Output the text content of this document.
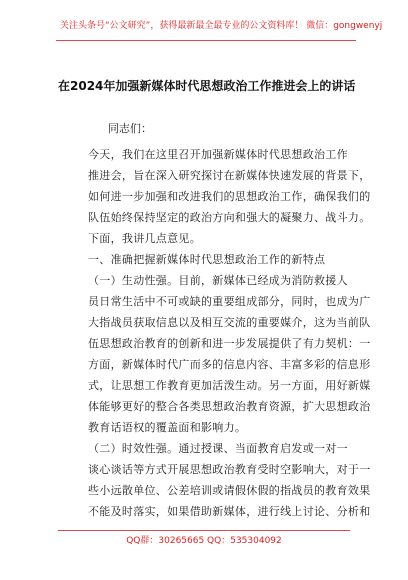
关注头条号“公文研究”，获得最新最全最专业的公文资料库！ 微信：gongwenyj
在2024年加强新媒体时代思想政治工作推进会上的讲话
同志们：
今天，我们在这里召开加强新媒体时代思想政治工作
推进会，旨在深入研究探讨在新媒体快速发展的背景下，
如何进一步加强和改进我们的思想政治工作，确保我们的
队伍始终保持坚定的政治方向和强大的凝聚力、战斗力。
下面，我讲几点意见。
一、准确把握新媒体时代思想政治工作的新特点
（一）生动性强。目前，新媒体已经成为消防救援人
员日常生活中不可或缺的重要组成部分，同时，也成为广
大指战员获取信息以及相互交流的重要媒介，这为当前队
伍思想政治教育的创新和进一步发展提供了有力契机：一
方面，新媒体时代广而多的信息内容、丰富多彩的信息形
式，让思想工作教育更加活泼生动。另一方面，用好新媒
体能够更好的整合各类思想政治教育资源，扩大思想政治
教育话语权的覆盖面和影响力。
（二）时效性强。通过授课、当面教育启发或一对一
谈心谈话等方式开展思想政治教育受时空影响大，对于一
些小远散单位、公差培训或请假休假的指战员的教育效果
不能及时落实，如果借助新媒体，进行线上讨论、分析和
QQ群：30265665 QQ：535304092
